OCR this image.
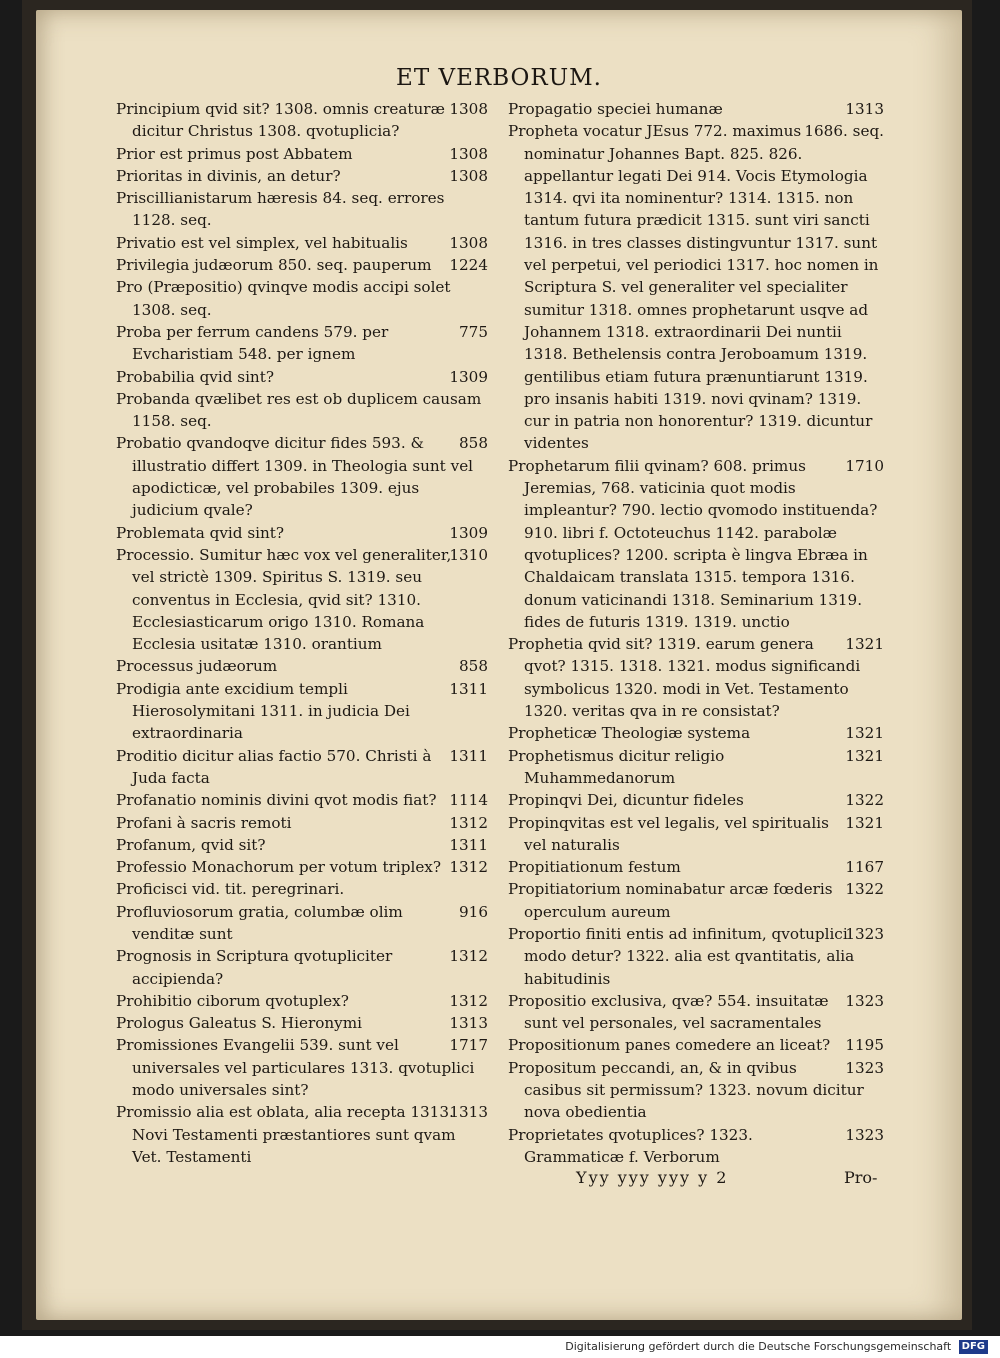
ET VERBORUM.

1308
Principium qvid sit? 1308. omnis creaturæ dicitur Christus 1308. qvotuplicia?

1308
Prior est primus post Abbatem

1308
Prioritas in divinis, an detur?

Priscillianistarum hæresis 84. seq. errores 1128. seq.

1308
Privatio est vel simplex, vel habitualis

1224
Privilegia judæorum 850. seq. pauperum

Pro (Præpositio) qvinqve modis accipi solet 1308. seq.

775
Proba per ferrum candens 579. per Evcharistiam 548. per ignem

1309
Probabilia qvid sint?

Probanda qvælibet res est ob duplicem causam 1158. seq.

858
Probatio qvandoqve dicitur fides 593. & illustratio differt 1309. in Theologia sunt vel apodicticæ, vel probabiles 1309. ejus judicium qvale?

1309
Problemata qvid sint?

1310
Processio. Sumitur hæc vox vel generaliter, vel strictè 1309. Spiritus S. 1319. seu conventus in Ecclesia, qvid sit? 1310. Ecclesiasticarum origo 1310. Romana Ecclesia usitatæ 1310. orantium

858
Processus judæorum

1311
Prodigia ante excidium templi Hierosolymitani 1311. in judicia Dei extraordinaria

1311
Proditio dicitur alias factio 570. Christi à Juda facta

1114
Profanatio nominis divini qvot modis fiat?

1312
Profani à sacris remoti

1311
Profanum, qvid sit?

1312
Professio Monachorum per votum triplex?

Proficisci vid. tit. peregrinari.

916
Profluviosorum gratia, columbæ olim venditæ sunt

1312
Prognosis in Scriptura qvotupliciter accipienda?

1312
Prohibitio ciborum qvotuplex?

1313
Prologus Galeatus S. Hieronymi

1717
Promissiones Evangelii 539. sunt vel universales vel particulares 1313. qvotuplici modo universales sint?

1313
Promissio alia est oblata, alia recepta 1313. Novi Testamenti præstantiores sunt qvam Vet. Testamenti

1313
Propagatio speciei humanæ

1686. seq.
Propheta vocatur JEsus 772. maximus nominatur Johannes Bapt. 825. 826. appellantur legati Dei 914. Vocis Etymologia 1314. qvi ita nominentur? 1314. 1315. non tantum futura prædicit 1315. sunt viri sancti 1316. in tres classes distingvuntur 1317. sunt vel perpetui, vel periodici 1317. hoc nomen in Scriptura S. vel generaliter vel specialiter sumitur 1318. omnes prophetarunt usqve ad Johannem 1318. extraordinarii Dei nuntii 1318. Bethelensis contra Jeroboamum 1319. gentilibus etiam futura prænuntiarunt 1319. pro insanis habiti 1319. novi qvinam? 1319. cur in patria non honorentur? 1319. dicuntur videntes

1710
Prophetarum filii qvinam? 608. primus Jeremias, 768. vaticinia quot modis impleantur? 790. lectio qvomodo instituenda? 910. libri f. Octoteuchus 1142. parabolæ qvotuplices? 1200. scripta è lingva Ebræa in Chaldaicam translata 1315. tempora 1316. donum vaticinandi 1318. Seminarium 1319. fides de futuris 1319. 1319. unctio

1321
Prophetia qvid sit? 1319. earum genera qvot? 1315. 1318. 1321. modus significandi symbolicus 1320. modi in Vet. Testamento 1320. veritas qva in re consistat?

1321
Propheticæ Theologiæ systema

1321
Prophetismus dicitur religio Muhammedanorum

1322
Propinqvi Dei, dicuntur fideles

1321
Propinqvitas est vel legalis, vel spiritualis vel naturalis

1167
Propitiationum festum

1322
Propitiatorium nominabatur arcæ fœderis operculum aureum

1323
Proportio finiti entis ad infinitum, qvotuplici modo detur? 1322. alia est qvantitatis, alia habitudinis

1323
Propositio exclusiva, qvæ? 554. insuitatæ sunt vel personales, vel sacramentales

1195
Propositionum panes comedere an liceat?

1323
Propositum peccandi, an, & in qvibus casibus sit permissum? 1323. novum dicitur nova obedientia

1323
Proprietates qvotuplices? 1323. Grammaticæ f. Verborum

Yyy yyy yyy y 2	Pro-
Digitalisierung gefördert durch die Deutsche Forschungsgemeinschaft DFG
